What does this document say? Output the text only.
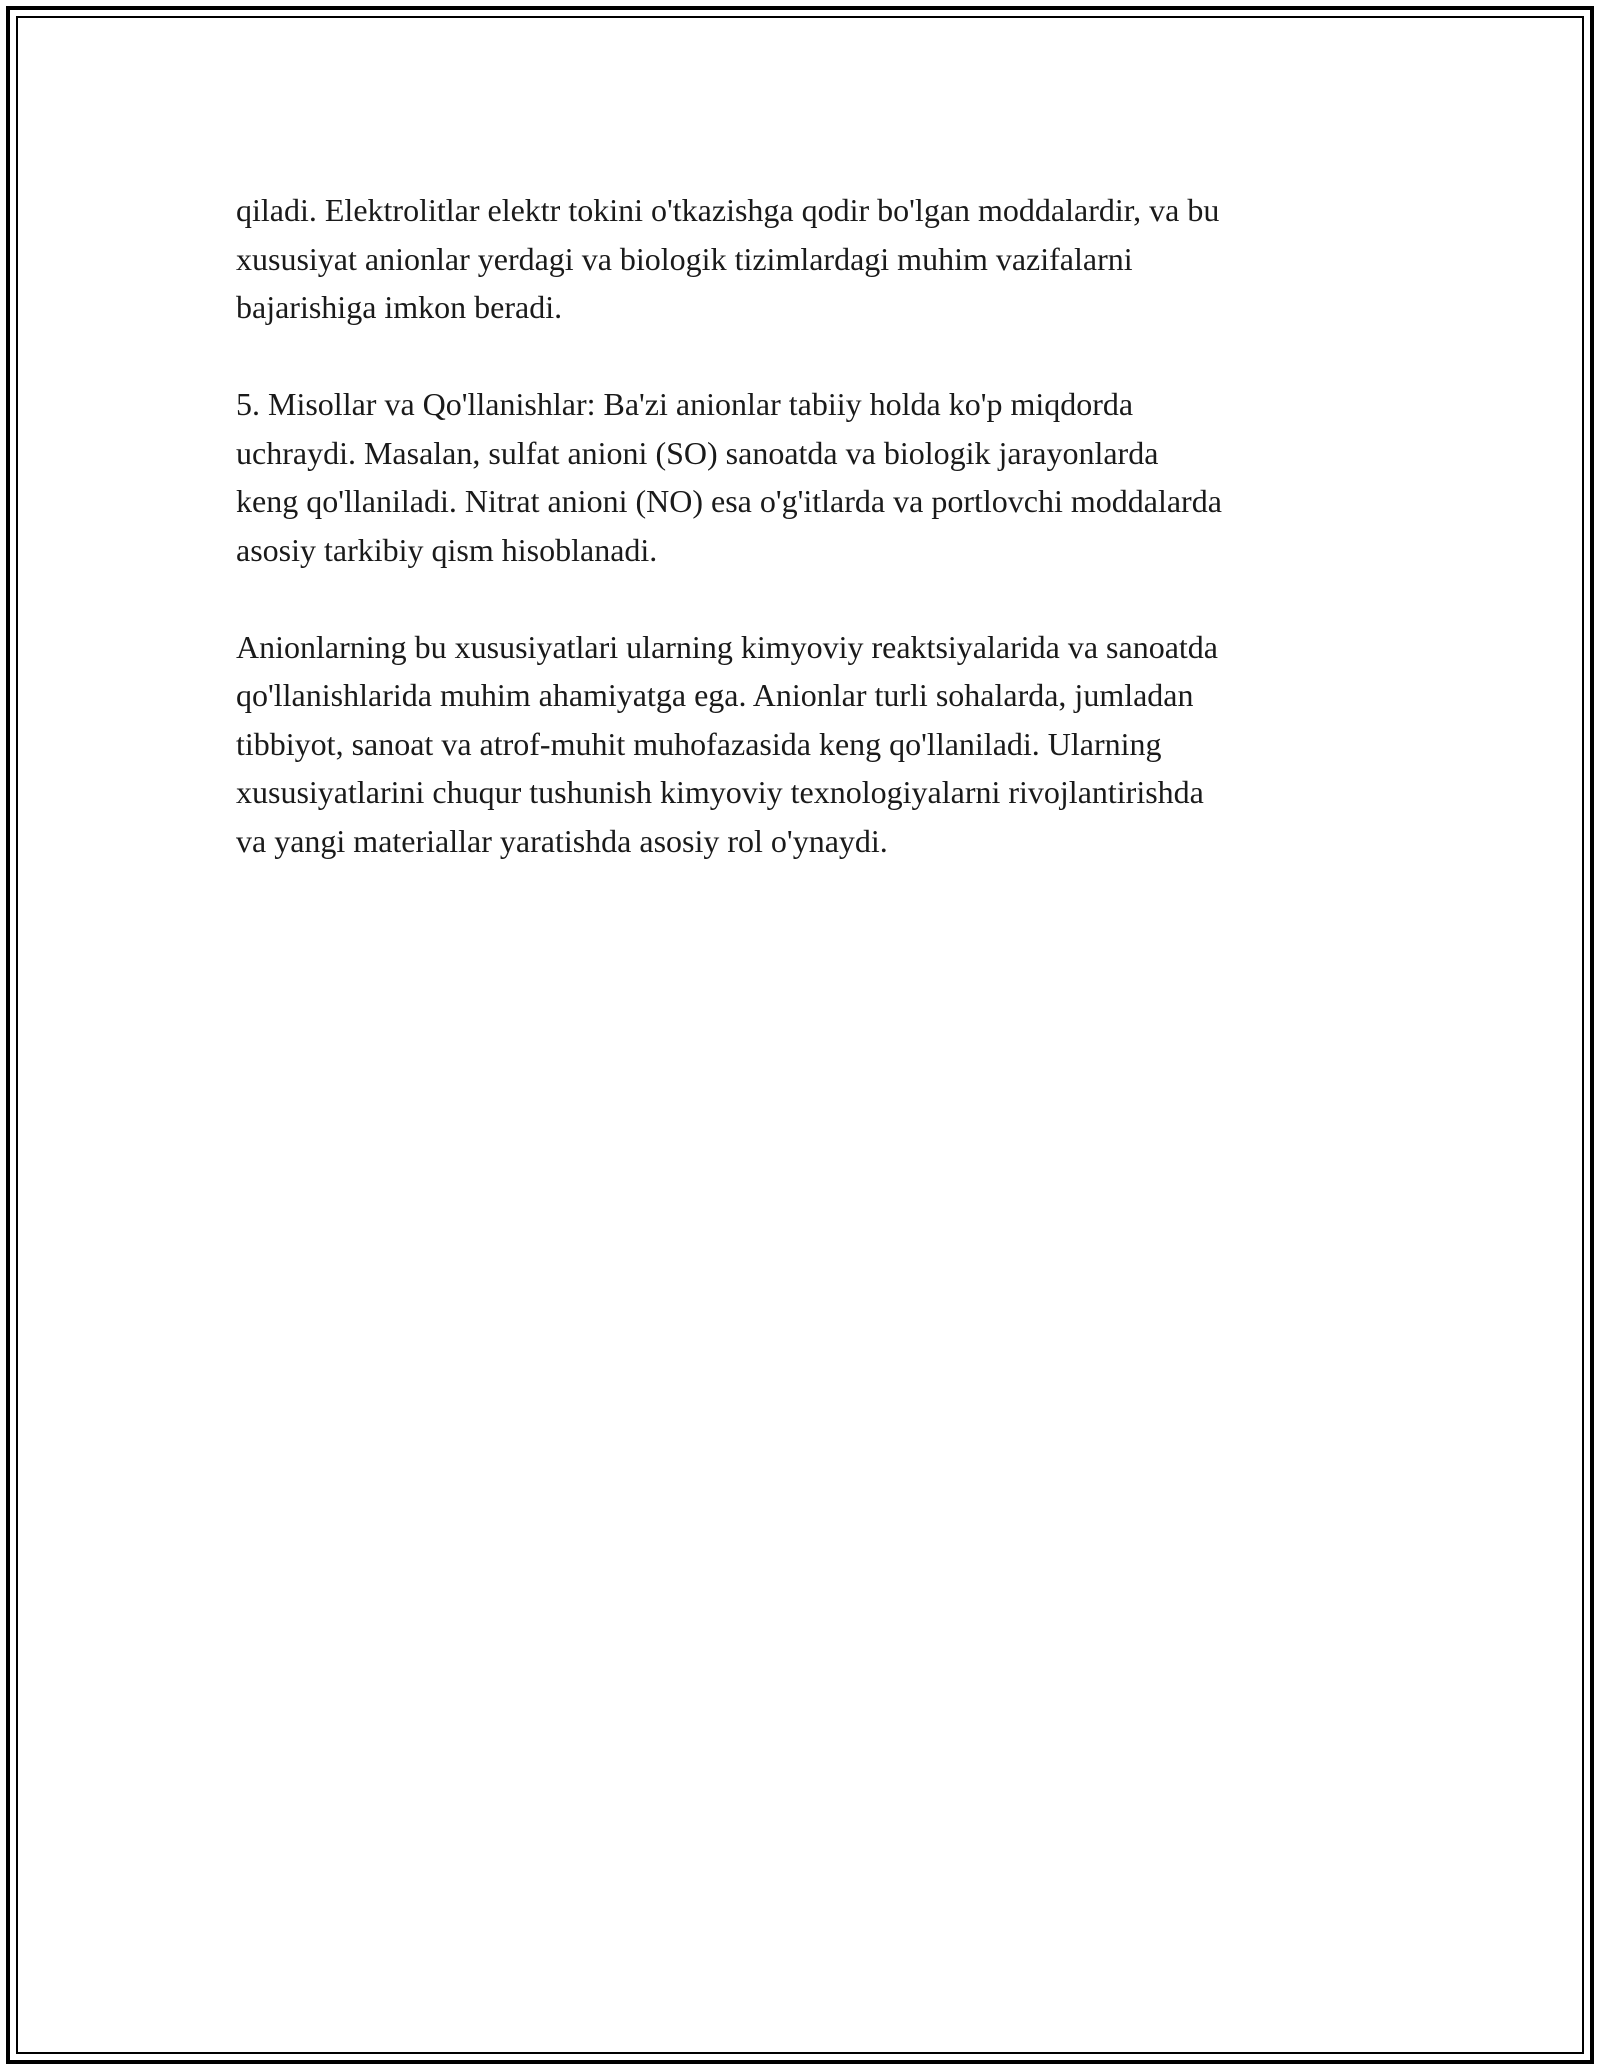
qiladi. Elektrolitlar elektr tokini o'tkazishga qodir bo'lgan moddalardir, va bu
xususiyat anionlar yerdagi va biologik tizimlardagi muhim vazifalarni
bajarishiga imkon beradi.

5. Misollar va Qo'llanishlar: Ba'zi anionlar tabiiy holda ko'p miqdorda
uchraydi. Masalan, sulfat anioni (SO) sanoatda va biologik jarayonlarda
keng qo'llaniladi. Nitrat anioni (NO) esa o'g'itlarda va portlovchi moddalarda
asosiy tarkibiy qism hisoblanadi.

Anionlarning bu xususiyatlari ularning kimyoviy reaktsiyalarida va sanoatda
qo'llanishlarida muhim ahamiyatga ega. Anionlar turli sohalarda, jumladan
tibbiyot, sanoat va atrof-muhit muhofazasida keng qo'llaniladi. Ularning
xususiyatlarini chuqur tushunish kimyoviy texnologiyalarni rivojlantirishda
va yangi materiallar yaratishda asosiy rol o'ynaydi.
